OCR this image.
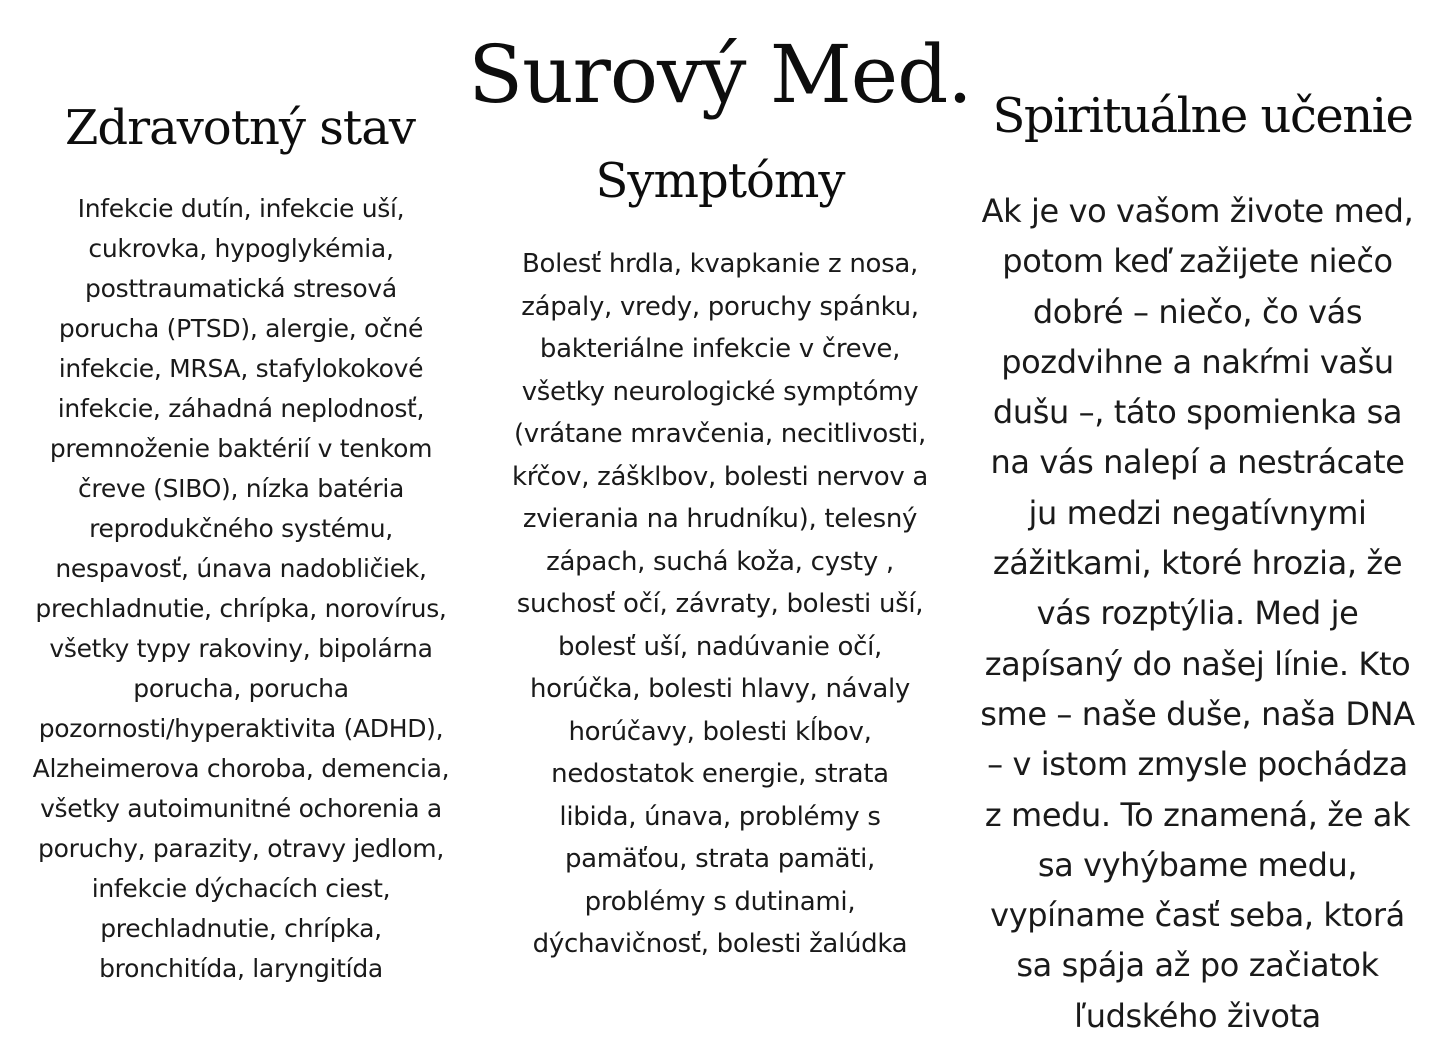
Surový Med.
Zdravotný stav
Symptómy
Spirituálne učenie
Infekcie dutín, infekcie uší,
cukrovka, hypoglykémia,
posttraumatická stresová
porucha (PTSD), alergie, očné
infekcie, MRSA, stafylokokové
infekcie, záhadná neplodnosť,
premnoženie baktérií v tenkom
čreve (SIBO), nízka batéria
reprodukčného systému,
nespavosť, únava nadobličiek,
prechladnutie, chrípka, norovírus,
všetky typy rakoviny, bipolárna
porucha, porucha
pozornosti/hyperaktivita (ADHD),
Alzheimerova choroba, demencia,
všetky autoimunitné ochorenia a
poruchy, parazity, otravy jedlom,
infekcie dýchacích ciest,
prechladnutie, chrípka,
bronchitída, laryngitída
Bolesť hrdla, kvapkanie z nosa,
zápaly, vredy, poruchy spánku,
bakteriálne infekcie v čreve,
všetky neurologické symptómy
(vrátane mravčenia, necitlivosti,
kŕčov, zášklbov, bolesti nervov a
zvierania na hrudníku), telesný
zápach, suchá koža, cysty ,
suchosť očí, závraty, bolesti uší,
bolesť uší, nadúvanie očí,
horúčka, bolesti hlavy, návaly
horúčavy, bolesti kĺbov,
nedostatok energie, strata
libida, únava, problémy s
pamäťou, strata pamäti,
problémy s dutinami,
dýchavičnosť, bolesti žalúdka
Ak je vo vašom živote med,
potom keď zažijete niečo
dobré – niečo, čo vás
pozdvihne a nakŕmi vašu
dušu –, táto spomienka sa
na vás nalepí a nestrácate
ju medzi negatívnymi
zážitkami, ktoré hrozia, že
vás rozptýlia. Med je
zapísaný do našej línie. Kto
sme – naše duše, naša DNA
– v istom zmysle pochádza
z medu. To znamená, že ak
sa vyhýbame medu,
vypíname časť seba, ktorá
sa spája až po začiatok
ľudského života
